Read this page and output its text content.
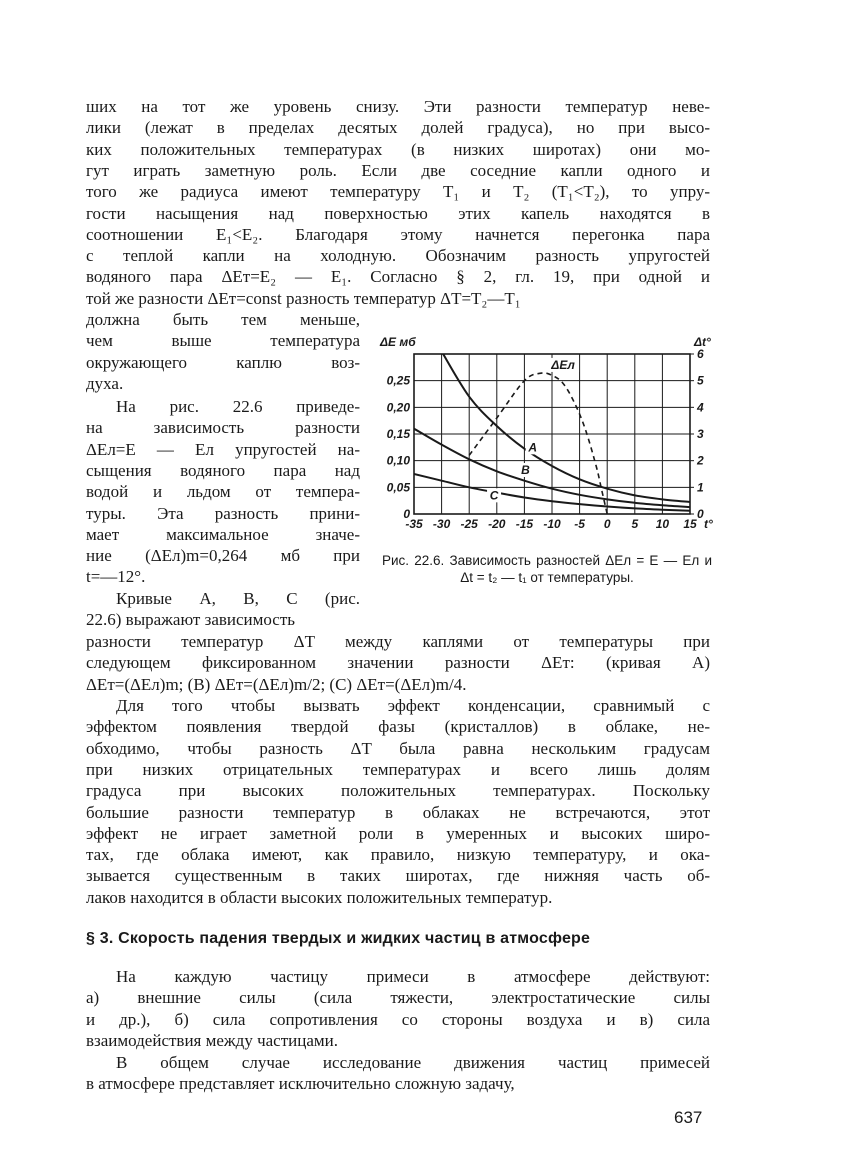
ших на тот же уровень снизу. Эти разности температур неве-
лики (лежат в пределах десятых долей градуса), но при высо-
ких положительных температурах (в низких широтах) они мо-
гут играть заметную роль. Если две соседние капли одного и
того же радиуса имеют температуру T₁ и T₂ (T₁<T₂), то упру-
гости насыщения над поверхностью этих капель находятся в
соотношении E₁<E₂. Благодаря этому начнется перегонка пара
с теплой капли на холодную. Обозначим разность упругостей
водяного пара ΔEт=E₂ — E₁. Согласно § 2, гл. 19, при одной и
той же разности ΔEт=const разность температур ΔT=T₂—T₁
должна быть тем меньше,
чем выше температура
окружающего каплю воз-
духа.
На рис. 22.6 приведе-
на зависимость разности
ΔEл=E — Eл упругостей на-
сыщения водяного пара над
водой и льдом от темпера-
туры. Эта разность прини-
мает максимальное значе-
ние (ΔEл)m=0,264 мб при
t=—12°.
Кривые A, B, C (рис.
22.6) выражают зависимость
разности температур ΔT между каплями от температуры при
следующем фиксированном значении разности ΔEт: (кривая A)
ΔEт=(ΔEл)m; (B) ΔEт=(ΔEл)m/2; (C) ΔEт=(ΔEл)m/4.
Для того чтобы вызвать эффект конденсации, сравнимый с
эффектом появления твердой фазы (кристаллов) в облаке, не-
обходимо, чтобы разность ΔT была равна нескольким градусам
при низких отрицательных температурах и всего лишь долям
градуса при высоких положительных температурах. Поскольку
большие разности температур в облаках не встречаются, этот
эффект не играет заметной роли в умеренных и высоких широ-
тах, где облака имеют, как правило, низкую температуру, и ока-
зывается существенным в таких широтах, где нижняя часть об-
лаков находится в области высоких положительных температур.
§ 3. Скорость падения твердых и жидких частиц в атмосфере
На каждую частицу примеси в атмосфере действуют:
а) внешние силы (сила тяжести, электростатические силы
и др.), б) сила сопротивления со стороны воздуха и в) сила
взаимодействия между частицами.
В общем случае исследование движения частиц примесей
в атмосфере представляет исключительно сложную задачу,
-35 -30 -25 -20 -15 -10 -5 0 5 10 15
0
0,05
0,10
0,15
0,20
0,25
0
1
2
3
4
5
6
ΔE мб	Δt°
t°
ΔEл
A
B
C
Рис. 22.6. Зависимость разностей ΔEл = E — Eл и Δt = t₂ — t₁ от температуры.
637
